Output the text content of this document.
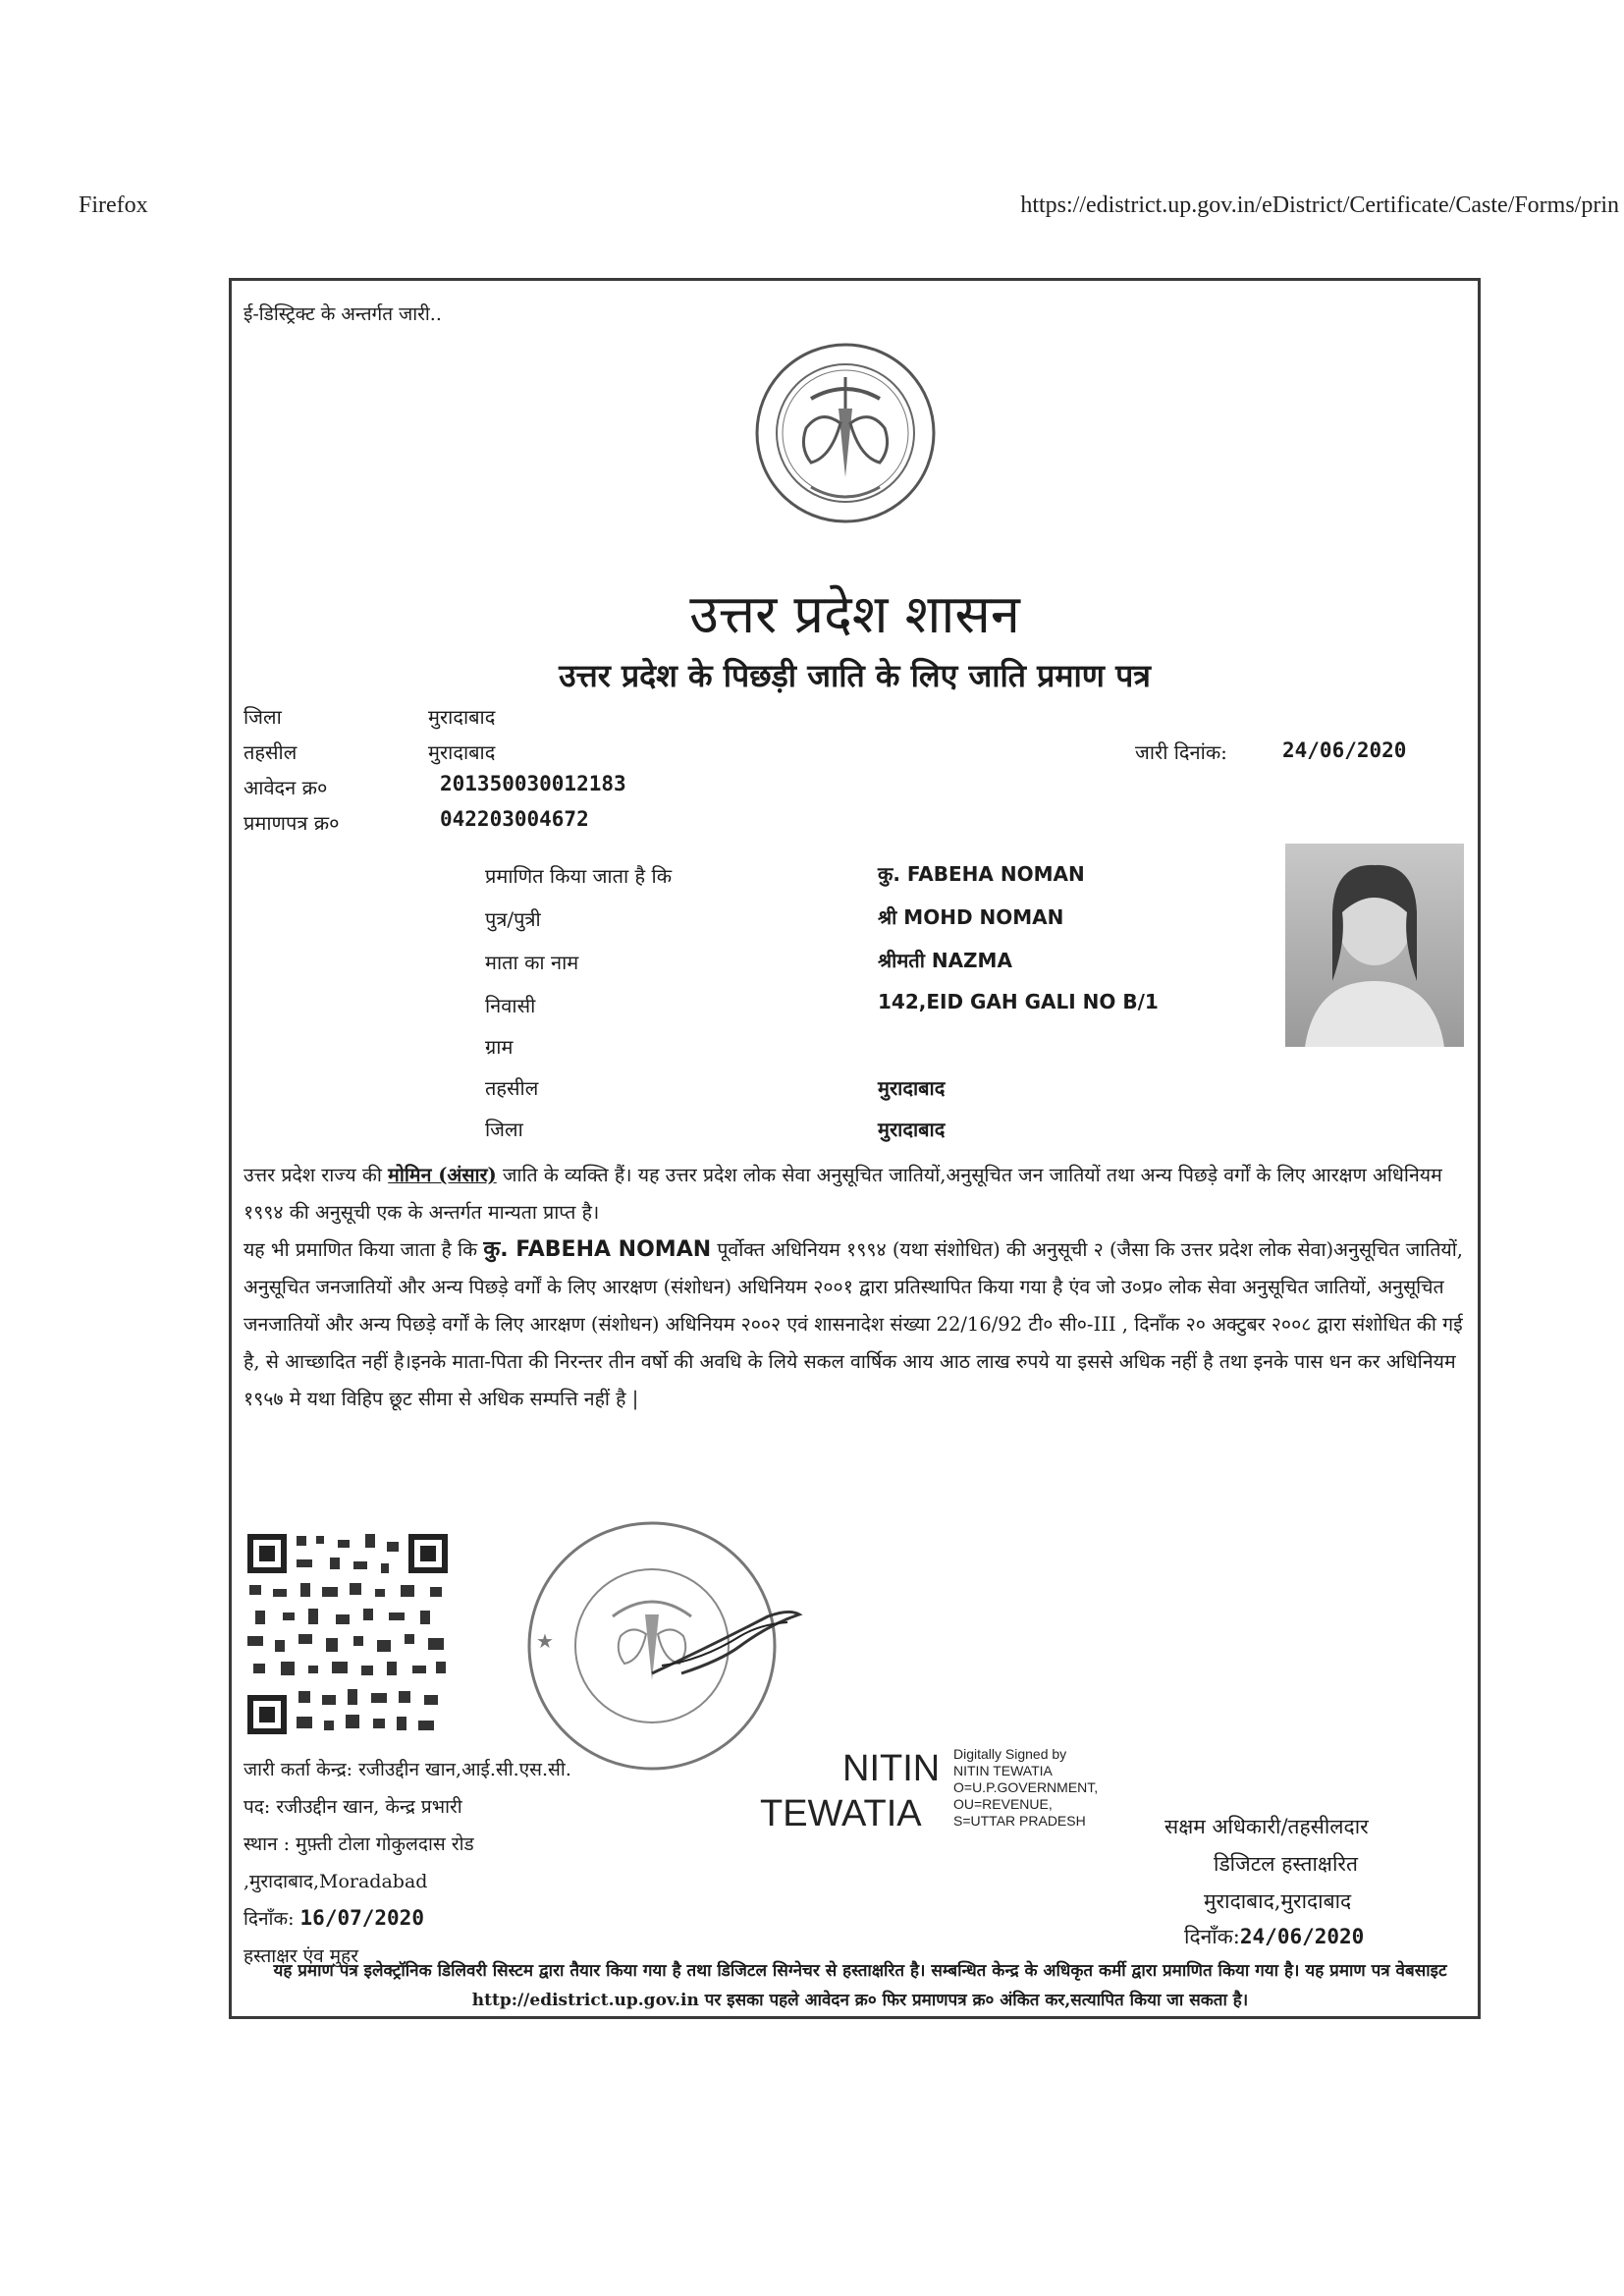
Firefox	https://edistrict.up.gov.in/eDistrict/Certificate/Caste/Forms/prin
ई-डिस्ट्रिक्ट के अन्तर्गत जारी..
उत्तर प्रदेश शासन
उत्तर प्रदेश के पिछड़ी जाति के लिए जाति प्रमाण पत्र
जिला	मुरादाबाद
तहसील	मुरादाबाद
आवेदन क्र०	201350030012183
प्रमाणपत्र क्र०	042203004672
जारी दिनांक:	24/06/2020
प्रमाणित किया जाता है कि	कु. FABEHA NOMAN
पुत्र/पुत्री	श्री MOHD NOMAN
माता का नाम	श्रीमती NAZMA
निवासी	142,EID GAH GALI NO B/1
ग्राम
तहसील	मुरादाबाद
जिला	मुरादाबाद
उत्तर प्रदेश राज्य की मोमिन (अंसार) जाति के व्यक्ति हैं। यह उत्तर प्रदेश लोक सेवा अनुसूचित जातियों,अनुसूचित जन जातियों तथा अन्य पिछड़े वर्गों के लिए आरक्षण अधिनियम १९९४ की अनुसूची एक के अन्तर्गत मान्यता प्राप्त है।
यह भी प्रमाणित किया जाता है कि कु. FABEHA NOMAN पूर्वोक्त अधिनियम १९९४ (यथा संशोधित) की अनुसूची २ (जैसा कि उत्तर प्रदेश लोक सेवा)अनुसूचित जातियों, अनुसूचित जनजातियों और अन्य पिछड़े वर्गों के लिए आरक्षण (संशोधन) अधिनियम २००१ द्वारा प्रतिस्थापित किया गया है एंव जो उ०प्र० लोक सेवा अनुसूचित जातियों, अनुसूचित जनजातियों और अन्य पिछड़े वर्गों के लिए आरक्षण (संशोधन) अधिनियम २००२ एवं शासनादेश संख्या 22/16/92 टी० सी०-III , दिनाँक २० अक्टुबर २००८ द्वारा संशोधित की गई है, से आच्छादित नहीं है।इनके माता-पिता की निरन्तर तीन वर्षो की अवधि के लिये सकल वार्षिक आय आठ लाख रुपये या इससे अधिक नहीं है तथा इनके पास धन कर अधिनियम १९५७ मे यथा विहिप छूट सीमा से अधिक सम्पत्ति नहीं है |
★
जारी कर्ता केन्द्र: रजीउद्दीन खान,आई.सी.एस.सी.
पद: रजीउद्दीन खान, केन्द्र प्रभारी
स्थान : मुफ़्ती टोला गोकुलदास रोड
,मुरादाबाद,Moradabad
दिनाँक: 16/07/2020
हस्ताक्षर एंव मुहर
NITIN
TEWATIA
Digitally Signed by
NITIN TEWATIA
O=U.P.GOVERNMENT,
OU=REVENUE,
S=UTTAR PRADESH	सक्षम अधिकारी/तहसीलदार
डिजिटल हस्ताक्षरित
मुरादाबाद,मुरादाबाद
दिनाँक:24/06/2020
यह प्रमाण पत्र इलेक्ट्रॉनिक डिलिवरी सिस्टम द्वारा तैयार किया गया है तथा डिजिटल सिग्नेचर से हस्ताक्षरित है। सम्बन्धित केन्द्र के अधिकृत कर्मी द्वारा प्रमाणित किया गया है। यह प्रमाण पत्र वेबसाइट http://edistrict.up.gov.in पर इसका पहले आवेदन क्र० फिर प्रमाणपत्र क्र० अंकित कर,सत्यापित किया जा सकता है।
